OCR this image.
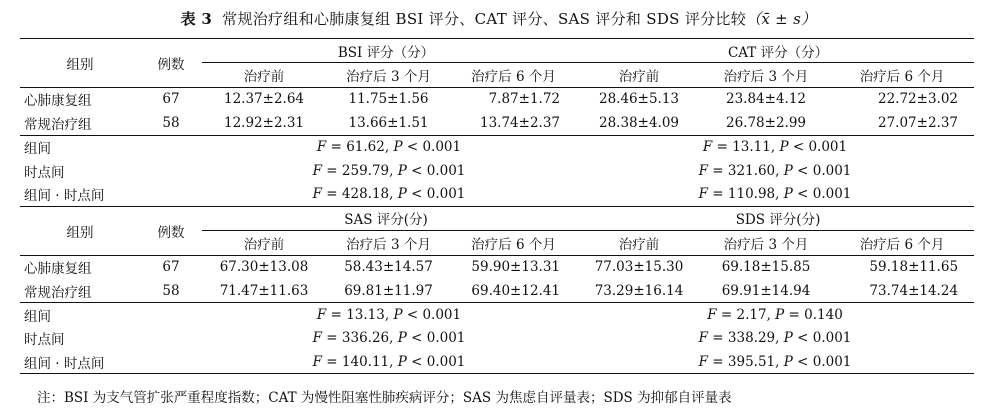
表 3 常规治疗组和心肺康复组 BSI 评分、CAT 评分、SAS 评分和 SDS 评分比较（x̄ ± s）
组别	例数	BSI 评分（分）			CAT 评分（分）		
		治疗前	治疗后 3 个月	治疗后 6 个月	治疗前	治疗后 3 个月	治疗后 6 个月
心肺康复组	67	12.37±2.64	11.75±1.56	7.87±1.72	28.46±5.13	23.84±4.12	22.72±3.02
常规治疗组	58	12.92±2.31	13.66±1.51	13.74±2.37	28.38±4.09	26.78±2.99	27.07±2.37
组间		F = 61.62, P < 0.001			F = 13.11, P < 0.001		
时点间		F = 259.79, P < 0.001			F = 321.60, P < 0.001		
组间 · 时点间		F = 428.18, P < 0.001			F = 110.98, P < 0.001		
组别	例数	SAS 评分(分)			SDS 评分(分)		
		治疗前	治疗后 3 个月	治疗后 6 个月	治疗前	治疗后 3 个月	治疗后 6 个月
心肺康复组	67	67.30±13.08	58.43±14.57	59.90±13.31	77.03±15.30	69.18±15.85	59.18±11.65
常规治疗组	58	71.47±11.63	69.81±11.97	69.40±12.41	73.29±16.14	69.91±14.94	73.74±14.24
组间		F = 13.13, P < 0.001			F = 2.17, P = 0.140		
时点间		F = 336.26, P < 0.001			F = 338.29, P < 0.001		
组间 · 时点间		F = 140.11, P < 0.001			F = 395.51, P < 0.001		
注：BSI 为支气管扩张严重程度指数；CAT 为慢性阻塞性肺疾病评分；SAS 为焦虑自评量表；SDS 为抑郁自评量表
